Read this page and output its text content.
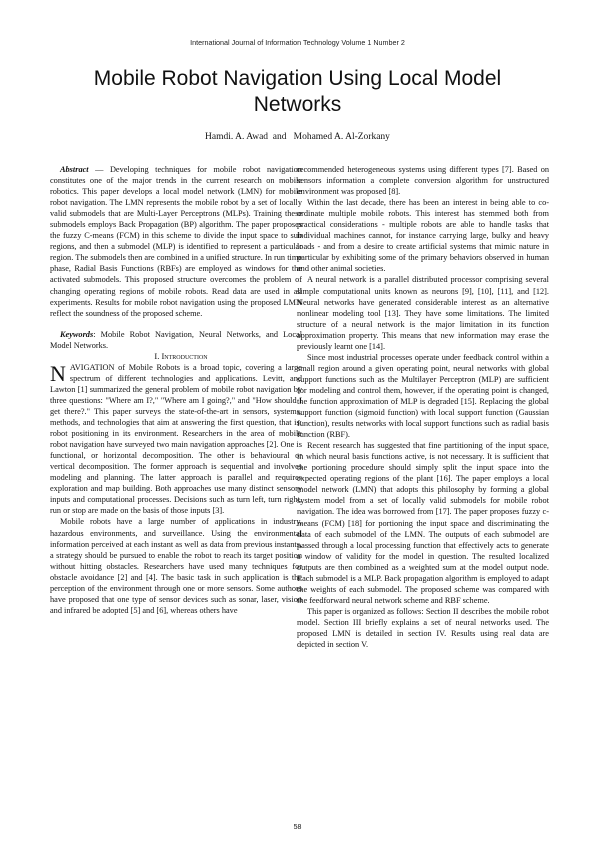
International Journal of Information Technology Volume 1 Number 2
Mobile Robot Navigation Using Local Model Networks
Hamdi. A. Awad  and   Mohamed A. Al-Zorkany

Abstract — Developing techniques for mobile robot navigation constitutes one of the major trends in the current research on mobile robotics. This paper develops a local model network (LMN) for mobile robot navigation. The LMN represents the mobile robot by a set of locally valid submodels that are Multi-Layer Perceptrons (MLPs). Training these submodels employs Back Propagation (BP) algorithm. The paper proposes the fuzzy C-means (FCM) in this scheme to divide the input space to sub regions, and then a submodel (MLP) is identified to represent a particular region. The submodels then are combined in a unified structure. In run time phase, Radial Basis Functions (RBFs) are employed as windows for the activated submodels. This proposed structure overcomes the problem of changing operating regions of mobile robots. Read data are used in all experiments. Results for mobile robot navigation using the proposed LMN reflect the soundness of the proposed scheme.

Keywords: Mobile Robot Navigation, Neural Networks, and Local Model Networks.

I. Introduction

NAVIGATION of Mobile Robots is a broad topic, covering a large spectrum of different technologies and applications. Levitt, and Lawton [1] summarized the general problem of mobile robot navigation by three questions: "Where am I?," "Where am I going?," and "How should I get there?." This paper surveys the state-of-the-art in sensors, systems, methods, and technologies that aim at answering the first question, that is: robot positioning in its environment. Researchers in the area of mobile robot navigation have surveyed two main navigation approaches [2]. One is functional, or horizontal decomposition. The other is behavioural or vertical decomposition. The former approach is sequential and involves modeling and planning. The latter approach is parallel and requires exploration and map building. Both approaches use many distinct sensory inputs and computational processes. Decisions such as turn left, turn right, run or stop are made on the basis of those inputs [3].

Mobile robots have a large number of applications in industry, hazardous environments, and surveillance. Using the environmental information perceived at each instant as well as data from previous instants, a strategy should be pursued to enable the robot to reach its target position without hitting obstacles. Researchers have used many techniques for obstacle avoidance [2] and [4]. The basic task in such application is the perception of the environment through one or more sensors. Some authors have proposed that one type of sensor devices such as sonar, laser, vision and infrared be adopted [5] and [6], whereas others have

recommended heterogeneous systems using different types [7]. Based on sensors information a complete conversion algorithm for unstructured environment was proposed [8].

Within the last decade, there has been an interest in being able to co-ordinate multiple mobile robots. This interest has stemmed both from practical considerations - multiple robots are able to handle tasks that individual machines cannot, for instance carrying large, bulky and heavy loads - and from a desire to create artificial systems that mimic nature in particular by exhibiting some of the primary behaviors observed in human and other animal societies.

A neural network is a parallel distributed processor comprising several simple computational units known as neurons [9], [10], [11], and [12]. Neural networks have generated considerable interest as an alternative nonlinear modeling tool [13]. They have some limitations. The limited structure of a neural network is the major limitation in its function approximation property. This means that new information may erase the previously learnt one [14].

Since most industrial processes operate under feedback control within a small region around a given operating point, neural networks with global support functions such as the Multilayer Perceptron (MLP) are sufficient for modeling and control them, however, if the operating point is changed, the function approximation of MLP is degraded [15]. Replacing the global support function (sigmoid function) with local support function (Gaussian function), results networks with local support functions such as radial basis function (RBF).

Recent research has suggested that fine partitioning of the input space, in which neural basis functions active, is not necessary. It is sufficient that the portioning procedure should simply split the input space into the expected operating regions of the plant [16]. The paper employs a local model network (LMN) that adopts this philosophy by forming a global system model from a set of locally valid submodels for mobile robot navigation. The idea was borrowed from [17]. The paper proposes fuzzy c-means (FCM) [18] for portioning the input space and discriminating the data of each submodel of the LMN. The outputs of each submodel are passed through a local processing function that effectively acts to generate a window of validity for the model in question. The resulted localized outputs are then combined as a weighted sum at the model output node. Each submodel is a MLP. Back propagation algorithm is employed to adapt the weights of each submodel. The proposed scheme was compared with the feedforward neural network scheme and RBF scheme.

This paper is organized as follows: Section II describes the mobile robot model. Section III briefly explains a set of neural networks used. The proposed LMN is detailed in section IV. Results using real data are depicted in section V.

58
